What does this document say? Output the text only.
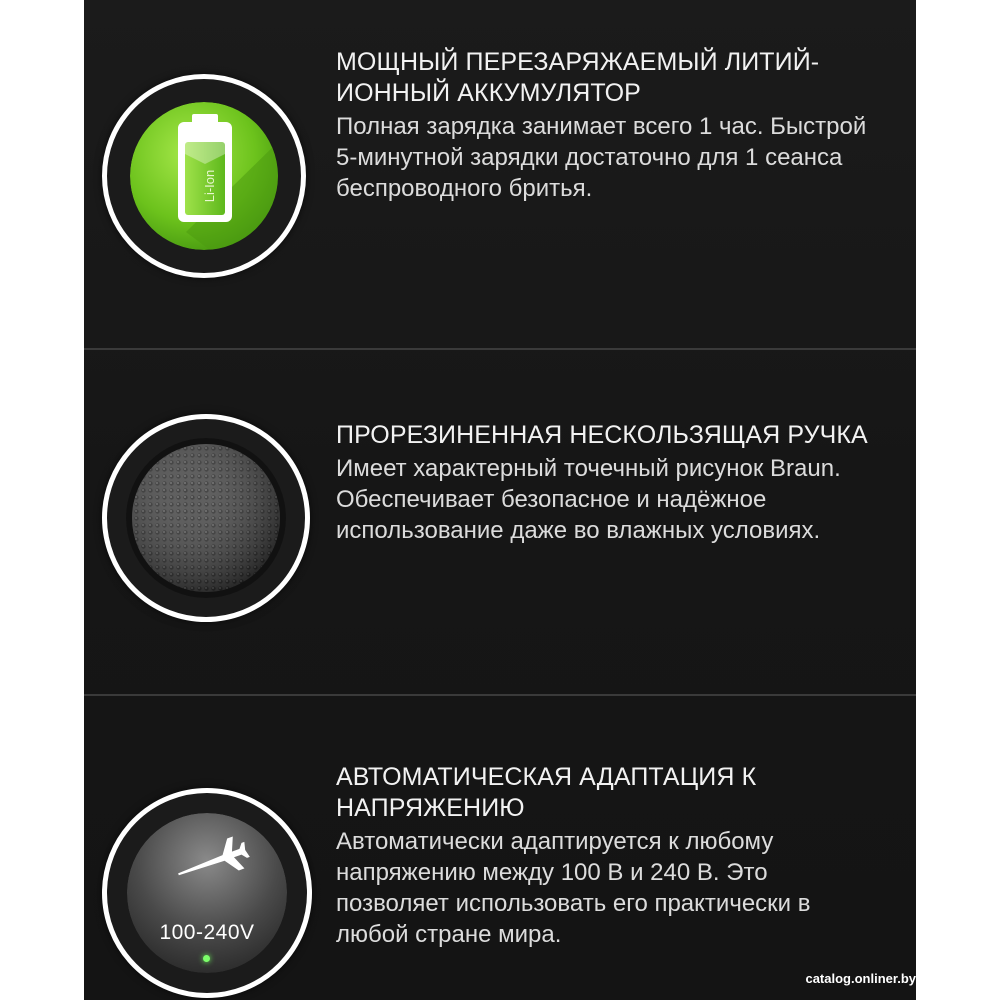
Li-Ion
МОЩНЫЙ ПЕРЕЗАРЯЖАЕМЫЙ ЛИТИЙ-
ИОННЫЙ АККУМУЛЯТОР
Полная зарядка занимает всего 1 час. Быстрой
5-минутной зарядки достаточно для 1 сеанса
беспроводного бритья.
ПРОРЕЗИНЕННАЯ НЕСКОЛЬЗЯЩАЯ РУЧКА
Имеет характерный точечный рисунок Braun.
Обеспечивает безопасное и надёжное
использование даже во влажных условиях.
100-240V
АВТОМАТИЧЕСКАЯ АДАПТАЦИЯ К
НАПРЯЖЕНИЮ
Автоматически адаптируется к любому
напряжению между 100 В и 240 В. Это
позволяет использовать его практически в
любой стране мира.
catalog.onliner.by
